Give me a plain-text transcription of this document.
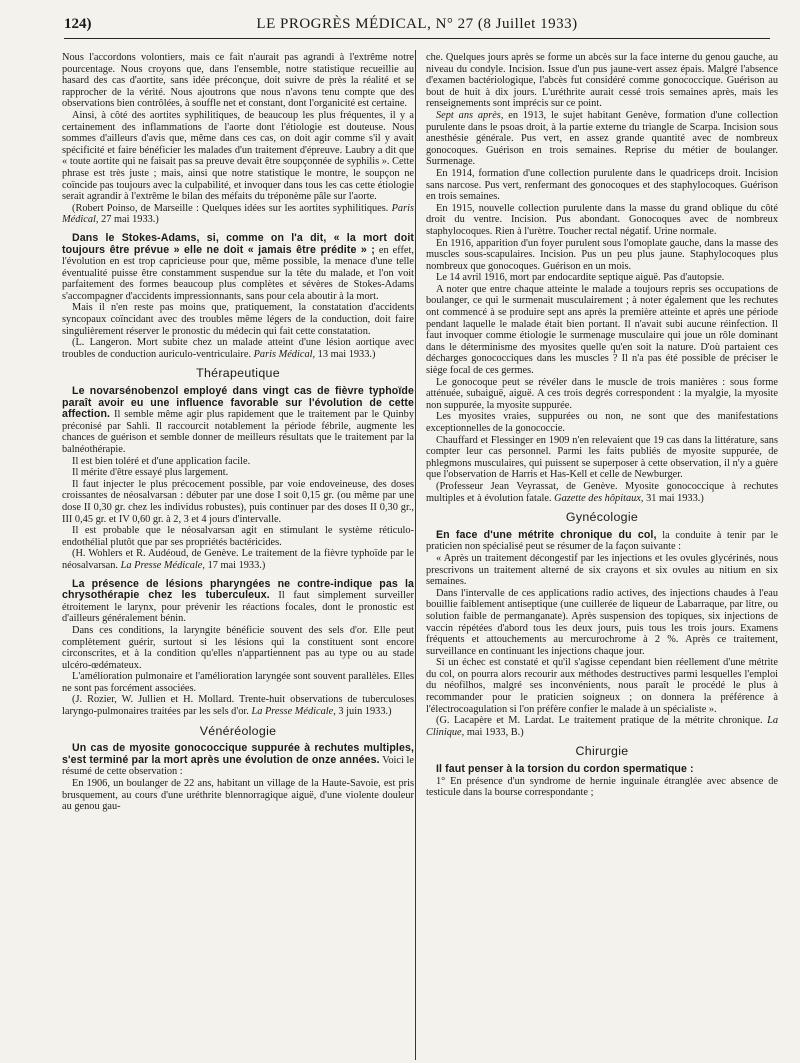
124)	LE PROGRÈS MÉDICAL, N° 27 (8 Juillet 1933)

Nous l'accordons volontiers, mais ce fait n'aurait pas agrandi à l'extrême notre pourcentage. Nous croyons que, dans l'ensemble, notre statistique recueillie au hasard des cas d'aortite, sans idée préconçue, doit suivre de près la réalité et se rapprocher de la vérité. Nous ajoutrons que nous n'avons tenu compte que des observations bien contrôlées, à souffle net et constant, dont l'organicité est certaine.

Ainsi, à côté des aortites syphilitiques, de beaucoup les plus fréquentes, il y a certainement des inflammations de l'aorte dont l'étiologie est douteuse. Nous sommes d'ailleurs d'avis que, même dans ces cas, on doit agir comme s'il y avait spécificité et faire bénéficier les malades d'un traitement d'épreuve. Laubry a dit que « toute aortite qui ne faisait pas sa preuve devait être soupçonnée de syphilis ». Cette phrase est très juste ; mais, ainsi que notre statistique le montre, le soupçon ne coïncide pas toujours avec la culpabilité, et invoquer dans tous les cas cette étiologie serait agrandir à l'extrême le bilan des méfaits du tréponème pâle sur l'aorte.

(Robert Poinso, de Marseille : Quelques idées sur les aortites syphilitiques. Paris Médical, 27 mai 1933.)

Dans le Stokes-Adams, si, comme on l'a dit, « la mort doit toujours être prévue » elle ne doit « jamais être prédite » ; en effet, l'évolution en est trop capricieuse pour que, même possible, la menace d'une telle éventualité puisse être constamment suspendue sur la tête du malade, et l'on voit parfaitement des formes beaucoup plus complètes et sévères de Stokes-Adams s'accompagner d'accidents impressionnants, sans pour cela aboutir à la mort.

Mais il n'en reste pas moins que, pratiquement, la constatation d'accidents syncopaux coïncidant avec des troubles même légers de la conduction, doit faire singulièrement réserver le pronostic du médecin qui fait cette constatation.

(L. Langeron. Mort subite chez un malade atteint d'une lésion aortique avec troubles de conduction auriculo-ventriculaire. Paris Médical, 13 mai 1933.)

Thérapeutique

Le novarsénobenzol employé dans vingt cas de fièvre typhoïde paraît avoir eu une influence favorable sur l'évolution de cette affection. Il semble même agir plus rapidement que le traitement par le Quinby préconisé par Sahli. Il raccourcit notablement la période fébrile, augmente les chances de guérison et semble donner de meilleurs résultats que le traitement par la balnéothérapie.

Il est bien toléré et d'une application facile.

Il mérite d'être essayé plus largement.

Il faut injecter le plus précocement possible, par voie endoveineuse, des doses croissantes de néosalvarsan : débuter par une dose I soit 0,15 gr. (ou même par une dose II 0,30 gr. chez les individus robustes), puis continuer par des doses II 0,30 gr., III 0,45 gr. et IV 0,60 gr. à 2, 3 et 4 jours d'intervalle.

Il est probable que le néosalvarsan agit en stimulant le système réticulo-endothélial plutôt que par ses propriétés bactéricides.

(H. Wohlers et R. Audéoud, de Genève. Le traitement de la fièvre typhoïde par le néosalvarsan. La Presse Médicale, 17 mai 1933.)

La présence de lésions pharyngées ne contre-indique pas la chrysothérapie chez les tuberculeux. Il faut simplement surveiller étroitement le larynx, pour prévenir les réactions focales, dont le pronostic est d'ailleurs généralement bénin.

Dans ces conditions, la laryngite bénéficie souvent des sels d'or. Elle peut complètement guérir, surtout si les lésions qui la constituent sont encore circonscrites, et à la condition qu'elles n'appartiennent pas au type ou au stade ulcéro-œdémateux.

L'amélioration pulmonaire et l'amélioration laryngée sont souvent parallèles. Elles ne sont pas forcément associées.

(J. Rozier, W. Jullien et H. Mollard. Trente-huit observations de tuberculoses laryngo-pulmonaires traitées par les sels d'or. La Presse Médicale, 3 juin 1933.)

Vénéréologie

Un cas de myosite gonococcique suppurée à rechutes multiples, s'est terminé par la mort après une évolution de onze années. Voici le résumé de cette observation :

En 1906, un boulanger de 22 ans, habitant un village de la Haute-Savoie, est pris brusquement, au cours d'une uréthrite blennorragique aiguë, d'une violente douleur au genou gau-

che. Quelques jours après se forme un abcès sur la face interne du genou gauche, au niveau du condyle. Incision. Issue d'un pus jaune-vert assez épais. Malgré l'absence d'examen bactériologique, l'abcès fut considéré comme gonococcique. Guérison au bout de huit à dix jours. L'uréthrite aurait cessé trois semaines après, mais les renseignements sont imprécis sur ce point.

Sept ans après, en 1913, le sujet habitant Genève, formation d'une collection purulente dans le psoas droit, à la partie externe du triangle de Scarpa. Incision sous anesthésie générale. Pus vert, en assez grande quantité avec de nombreux gonocoques. Guérison en trois semaines. Reprise du métier de boulanger. Surmenage.

En 1914, formation d'une collection purulente dans le quadriceps droit. Incision sans narcose. Pus vert, renfermant des gonocoques et des staphylocoques. Guérison en trois semaines.

En 1915, nouvelle collection purulente dans la masse du grand oblique du côté droit du ventre. Incision. Pus abondant. Gonocoques avec de nombreux staphylocoques. Rien à l'urètre. Toucher rectal négatif. Urine normale.

En 1916, apparition d'un foyer purulent sous l'omoplate gauche, dans la masse des muscles sous-scapulaires. Incision. Pus un peu plus jaune. Staphylocoques plus nombreux que gonocoques. Guérison en un mois.

Le 14 avril 1916, mort par endocardite septique aiguë. Pas d'autopsie.

A noter que entre chaque atteinte le malade a toujours repris ses occupations de boulanger, ce qui le surmenait musculairement ; à noter également que les rechutes ont commencé à se produire sept ans après la première atteinte et après une période pendant laquelle le malade était bien portant. Il n'avait subi aucune réinfection. Il faut invoquer comme étiologie le surmenage musculaire qui joue un rôle dominant dans le déterminisme des myosites quelle qu'en soit la nature. D'où partaient ces décharges gonococciques dans les muscles ? Il n'a pas été possible de préciser le siège focal de ces germes.

Le gonocoque peut se révéler dans le muscle de trois manières : sous forme atténuée, subaiguë, aiguë. A ces trois degrés correspondent : la myalgie, la myosite non suppurée, la myosite suppurée.

Les myosites vraies, suppurées ou non, ne sont que des manifestations exceptionnelles de la gonococcie.

Chauffard et Flessinger en 1909 n'en relevaient que 19 cas dans la littérature, sans compter leur cas personnel. Parmi les faits publiés de myosite suppurée, de phlegmons musculaires, qui puissent se superposer à cette observation, il n'y a guère que l'observation de Harris et Has-Kell et celle de Newburger.

(Professeur Jean Veyrassat, de Genève. Myosite gonococcique à rechutes multiples et à évolution fatale. Gazette des hôpitaux, 31 mai 1933.)

Gynécologie

En face d'une métrite chronique du col, la conduite à tenir par le praticien non spécialisé peut se résumer de la façon suivante :

« Après un traitement décongestif par les injections et les ovules glycérinés, nous prescrivons un traitement alterné de six crayons et six ovules au nitium en six semaines.

Dans l'intervalle de ces applications radio actives, des injections chaudes à l'eau bouillie faiblement antiseptique (une cuillerée de liqueur de Labarraque, par litre, ou solution faible de permanganate). Après suspension des topiques, six injections de vaccin répétées d'abord tous les deux jours, puis tous les trois jours. Examens fréquents et attouchements au mercurochrome à 2 %. Après ce traitement, surveillance en continuant les injections chaque jour.

Si un échec est constaté et qu'il s'agisse cependant bien réellement d'une métrite du col, on pourra alors recourir aux méthodes destructives parmi lesquelles l'emploi du néofilhos, malgré ses inconvénients, nous paraît le procédé le plus à recommander pour le praticien soigneux ; on donnera la préférence à l'électrocoagulation si l'on préfère confier le malade à un spécialiste ».

(G. Lacapère et M. Lardat. Le traitement pratique de la métrite chronique. La Clinique, mai 1933, B.)

Chirurgie

Il faut penser à la torsion du cordon spermatique :

1° En présence d'un syndrome de hernie inguinale étranglée avec absence de testicule dans la bourse correspondante ;
